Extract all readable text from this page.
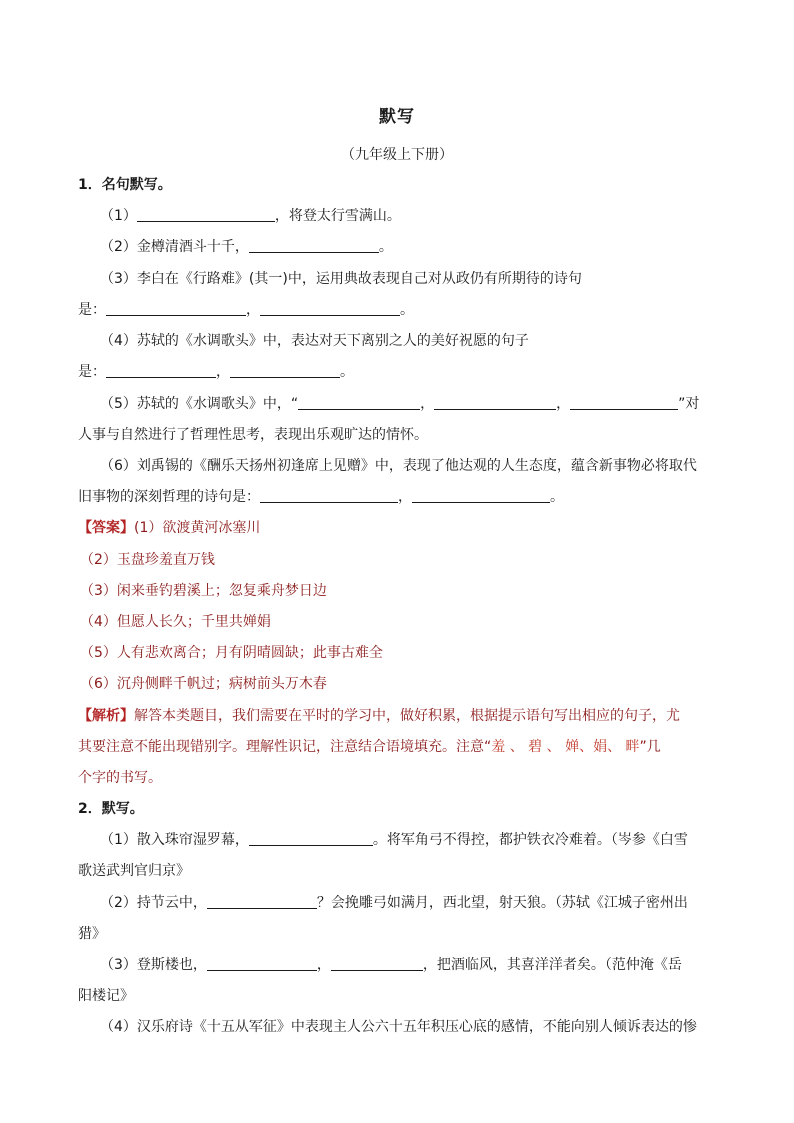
默写
（九年级上下册）
1．名句默写。
（1）	，将登太行雪满山。
（2）金樽清酒斗十千，	。
（3）李白在《行路难》(其一)中，运用典故表现自己对从政仍有所期待的诗句
是：	，	。
（4）苏轼的《水调歌头》中，表达对天下离别之人的美好祝愿的句子
是：	，	。
（5）苏轼的《水调歌头》中，“	，	，	”对
人事与自然进行了哲理性思考，表现出乐观旷达的情怀。
（6）刘禹锡的《酬乐天扬州初逢席上见赠》中，表现了他达观的人生态度，蕴含新事物必将取代
旧事物的深刻哲理的诗句是：	，	。
【答案】(1）欲渡黄河冰塞川
（2）玉盘珍羞直万钱
（3）闲来垂钓碧溪上；忽复乘舟梦日边
（4）但愿人长久；千里共婵娟
（5）人有悲欢离合；月有阴晴圆缺；此事古难全
（6）沉舟侧畔千帆过；病树前头万木春
【解析】解答本类题目，我们需要在平时的学习中，做好积累，根据提示语句写出相应的句子，尤
其要注意不能出现错别字。理解性识记，注意结合语境填充。注意“羞 、 碧 、 婵、娟、 畔”几
个字的书写。
2．默写。
（1）散入珠帘湿罗幕，	。将军角弓不得控，都护铁衣冷难着。（岑参《白雪
歌送武判官归京》
（2）持节云中，	？会挽雕弓如满月，西北望，射天狼。（苏轼《江城子密州出
猎》
（3）登斯楼也，	，	，把酒临风，其喜洋洋者矣。（范仲淹《岳
阳楼记》
（4）汉乐府诗《十五从军征》中表现主人公六十五年积压心底的感情，不能向别人倾诉表达的惨
